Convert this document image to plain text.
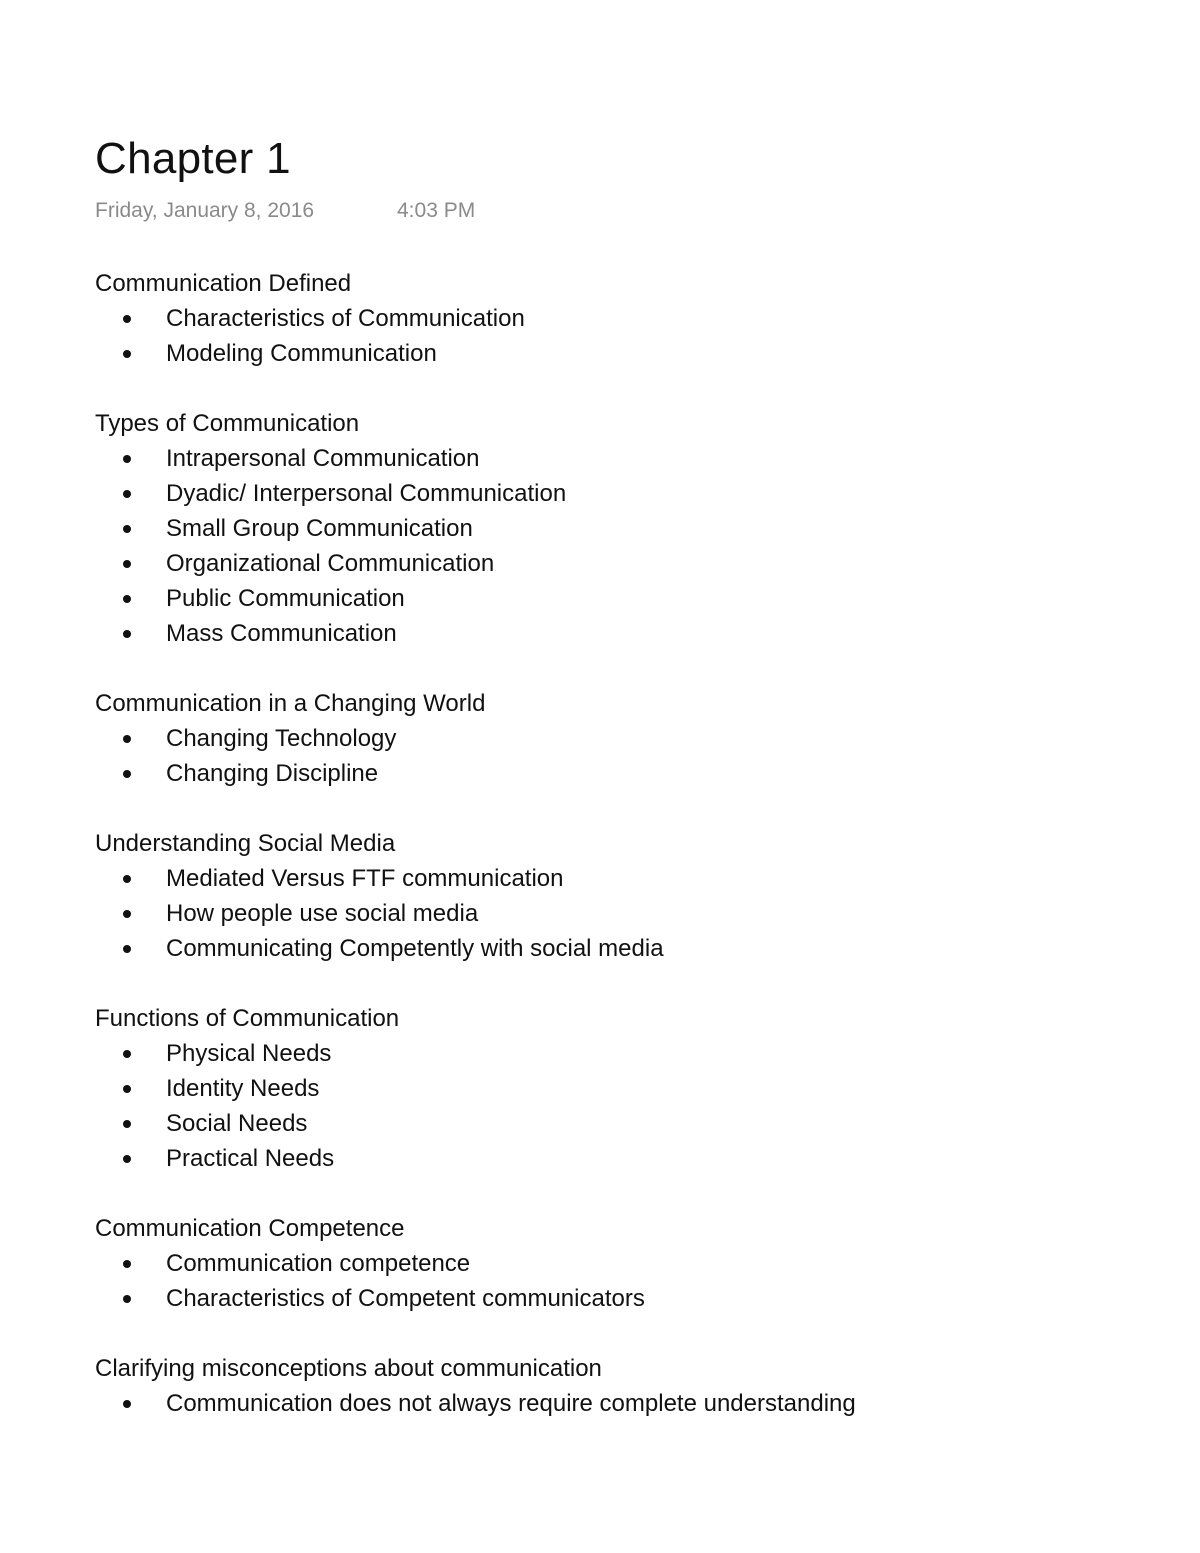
Chapter 1
Friday, January 8, 2016	4:03 PM

Communication Defined

Characteristics of Communication
Modeling Communication

Types of Communication

Intrapersonal Communication
Dyadic/ Interpersonal Communication
Small Group Communication
Organizational Communication
Public Communication
Mass Communication

Communication in a Changing World

Changing Technology
Changing Discipline

Understanding Social Media

Mediated Versus FTF communication
How people use social media
Communicating Competently with social media

Functions of Communication

Physical Needs
Identity Needs
Social Needs
Practical Needs

Communication Competence

Communication competence
Characteristics of Competent communicators

Clarifying misconceptions about communication

Communication does not always require complete understanding
